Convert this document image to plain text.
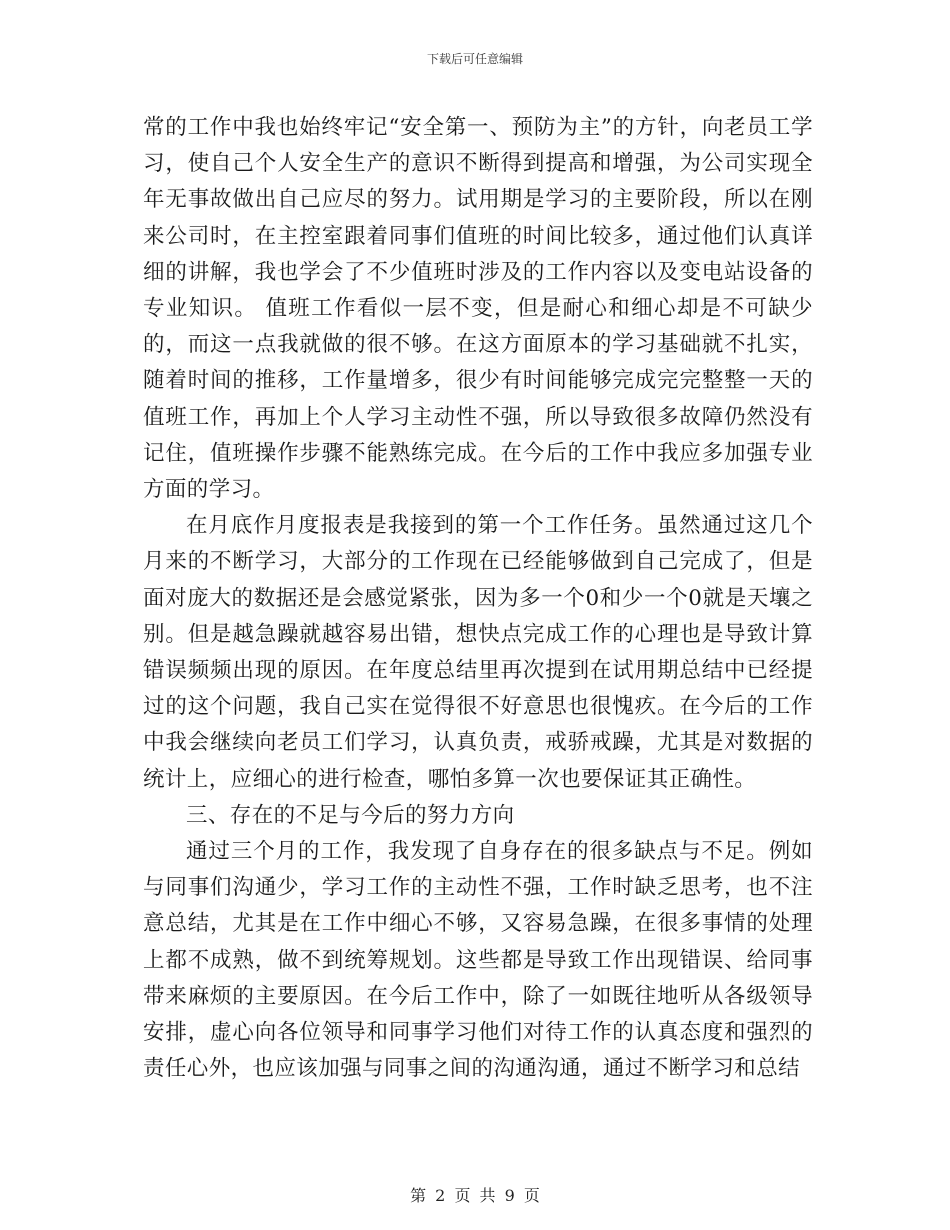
下载后可任意编辑

常的工作中我也始终牢记“安全第一、预防为主”的方针，向老员工学习，使自己个人安全生产的意识不断得到提高和增强，为公司实现全年无事故做出自己应尽的努力。试用期是学习的主要阶段，所以在刚来公司时，在主控室跟着同事们值班的时间比较多，通过他们认真详细的讲解，我也学会了不少值班时涉及的工作内容以及变电站设备的专业知识。 值班工作看似一层不变，但是耐心和细心却是不可缺少的，而这一点我就做的很不够。在这方面原本的学习基础就不扎实，随着时间的推移，工作量增多，很少有时间能够完成完完整整一天的值班工作，再加上个人学习主动性不强，所以导致很多故障仍然没有记住，值班操作步骤不能熟练完成。在今后的工作中我应多加强专业方面的学习。

在月底作月度报表是我接到的第一个工作任务。虽然通过这几个月来的不断学习，大部分的工作现在已经能够做到自己完成了，但是面对庞大的数据还是会感觉紧张，因为多一个0和少一个0就是天壤之别。但是越急躁就越容易出错，想快点完成工作的心理也是导致计算错误频频出现的原因。在年度总结里再次提到在试用期总结中已经提过的这个问题，我自己实在觉得很不好意思也很愧疚。在今后的工作中我会继续向老员工们学习，认真负责，戒骄戒躁，尤其是对数据的统计上，应细心的进行检查，哪怕多算一次也要保证其正确性。

三、存在的不足与今后的努力方向

通过三个月的工作，我发现了自身存在的很多缺点与不足。例如与同事们沟通少，学习工作的主动性不强，工作时缺乏思考，也不注意总结，尤其是在工作中细心不够，又容易急躁，在很多事情的处理上都不成熟，做不到统筹规划。这些都是导致工作出现错误、给同事带来麻烦的主要原因。在今后工作中，除了一如既往地听从各级领导安排，虚心向各位领导和同事学习他们对待工作的认真态度和强烈的责任心外，也应该加强与同事之间的沟通沟通，通过不断学习和总结

第 2 页 共 9 页
